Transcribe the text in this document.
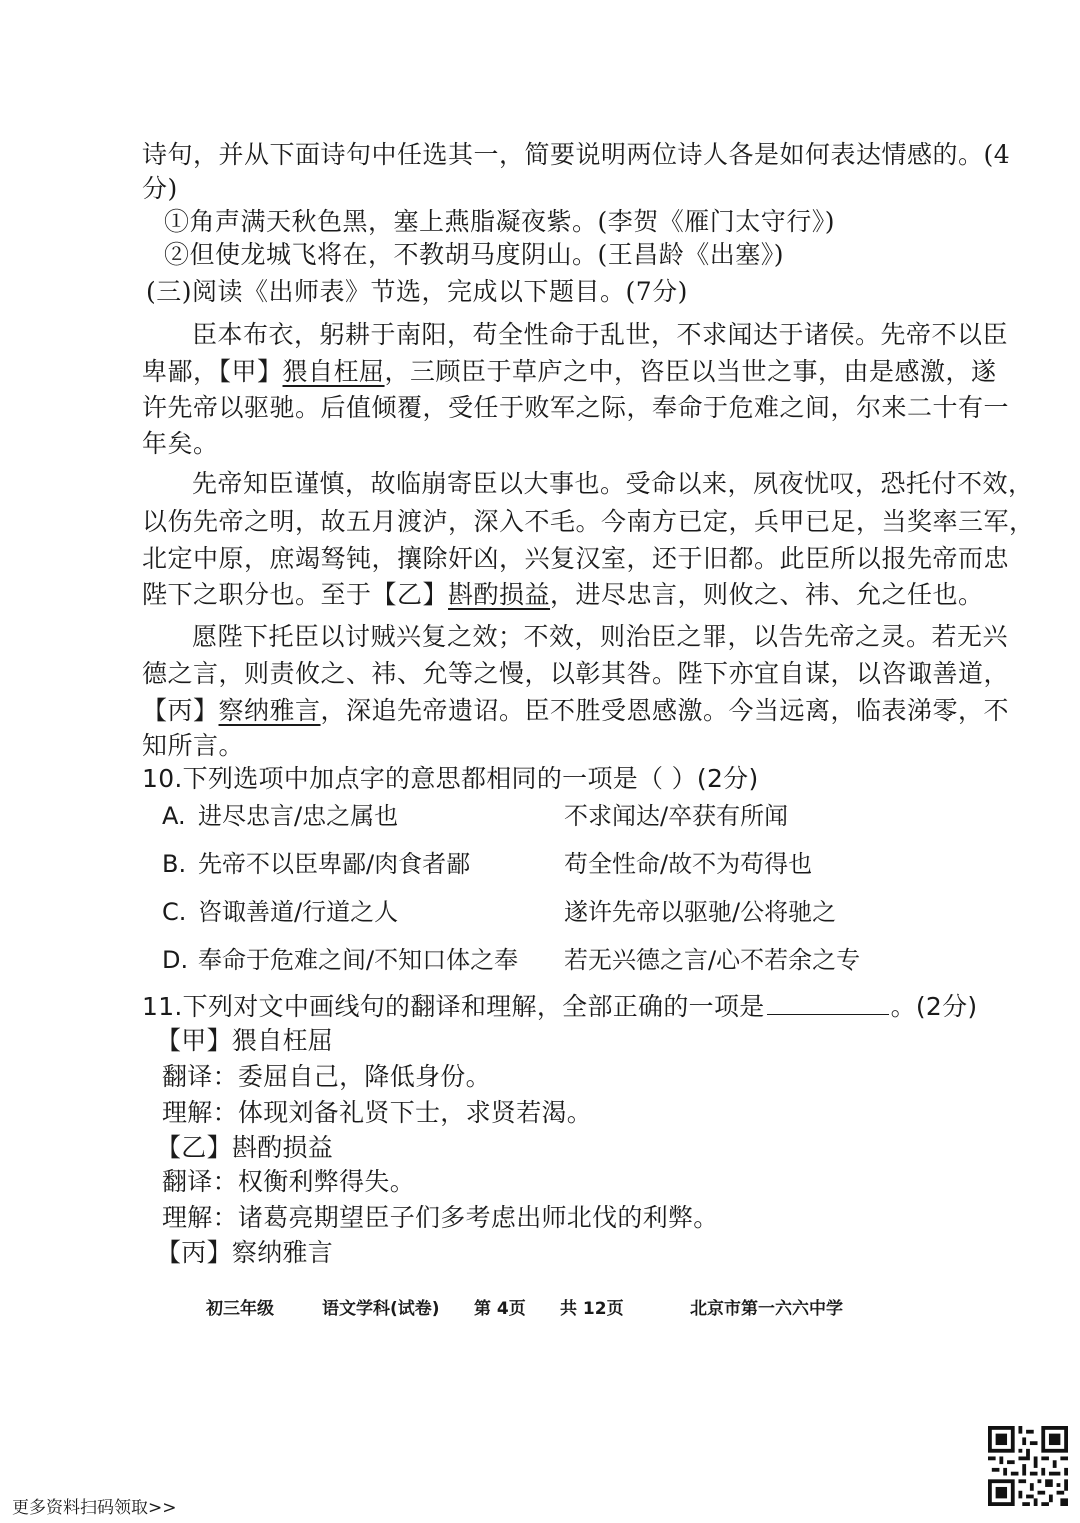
诗句，并从下面诗句中任选其一，简要说明两位诗人各是如何表达情感的。(4
分)
①角声满天秋色黑，塞上燕脂凝夜紫。(李贺《雁门太守行》)
②但使龙城飞将在，不教胡马度阴山。(王昌龄《出塞》)
(三)阅读《出师表》节选，完成以下题目。(7分)
臣本布衣，躬耕于南阳，苟全性命于乱世，不求闻达于诸侯。先帝不以臣
卑鄙，【甲】猥自枉屈，三顾臣于草庐之中，咨臣以当世之事，由是感激，遂
许先帝以驱驰。后值倾覆，受任于败军之际，奉命于危难之间，尔来二十有一
年矣。
先帝知臣谨慎，故临崩寄臣以大事也。受命以来，夙夜忧叹，恐托付不效，
以伤先帝之明，故五月渡泸，深入不毛。今南方已定，兵甲已足，当奖率三军，
北定中原，庶竭驽钝，攘除奸凶，兴复汉室，还于旧都。此臣所以报先帝而忠
陛下之职分也。至于【乙】斟酌损益，进尽忠言，则攸之、祎、允之任也。
愿陛下托臣以讨贼兴复之效；不效，则治臣之罪，以告先帝之灵。若无兴
德之言，则责攸之、祎、允等之慢，以彰其咎。陛下亦宜自谋，以咨诹善道，
【丙】察纳雅言，深追先帝遗诏。臣不胜受恩感激。今当远离，临表涕零，不
知所言。
10.下列选项中加点字的意思都相同的一项是（ ）(2分)
A. 进尽忠言/忠之属也	不求闻达/卒获有所闻
B. 先帝不以臣卑鄙/肉食者鄙	苟全性命/故不为苟得也
C. 咨诹善道/行道之人	遂许先帝以驱驰/公将驰之
D. 奉命于危难之间/不知口体之奉 若无兴德之言/心不若余之专
11.下列对文中画线句的翻译和理解，全部正确的一项是	。(2分)
【甲】猥自枉屈
翻译：委屈自己，降低身份。
理解：体现刘备礼贤下士，求贤若渴。
【乙】斟酌损益
翻译：权衡利弊得失。
理解：诸葛亮期望臣子们多考虑出师北伐的利弊。
【丙】察纳雅言
初三年级	语文学科(试卷) 第 4页 共 12页	北京市第一六六中学
更多资料扫码领取>>
